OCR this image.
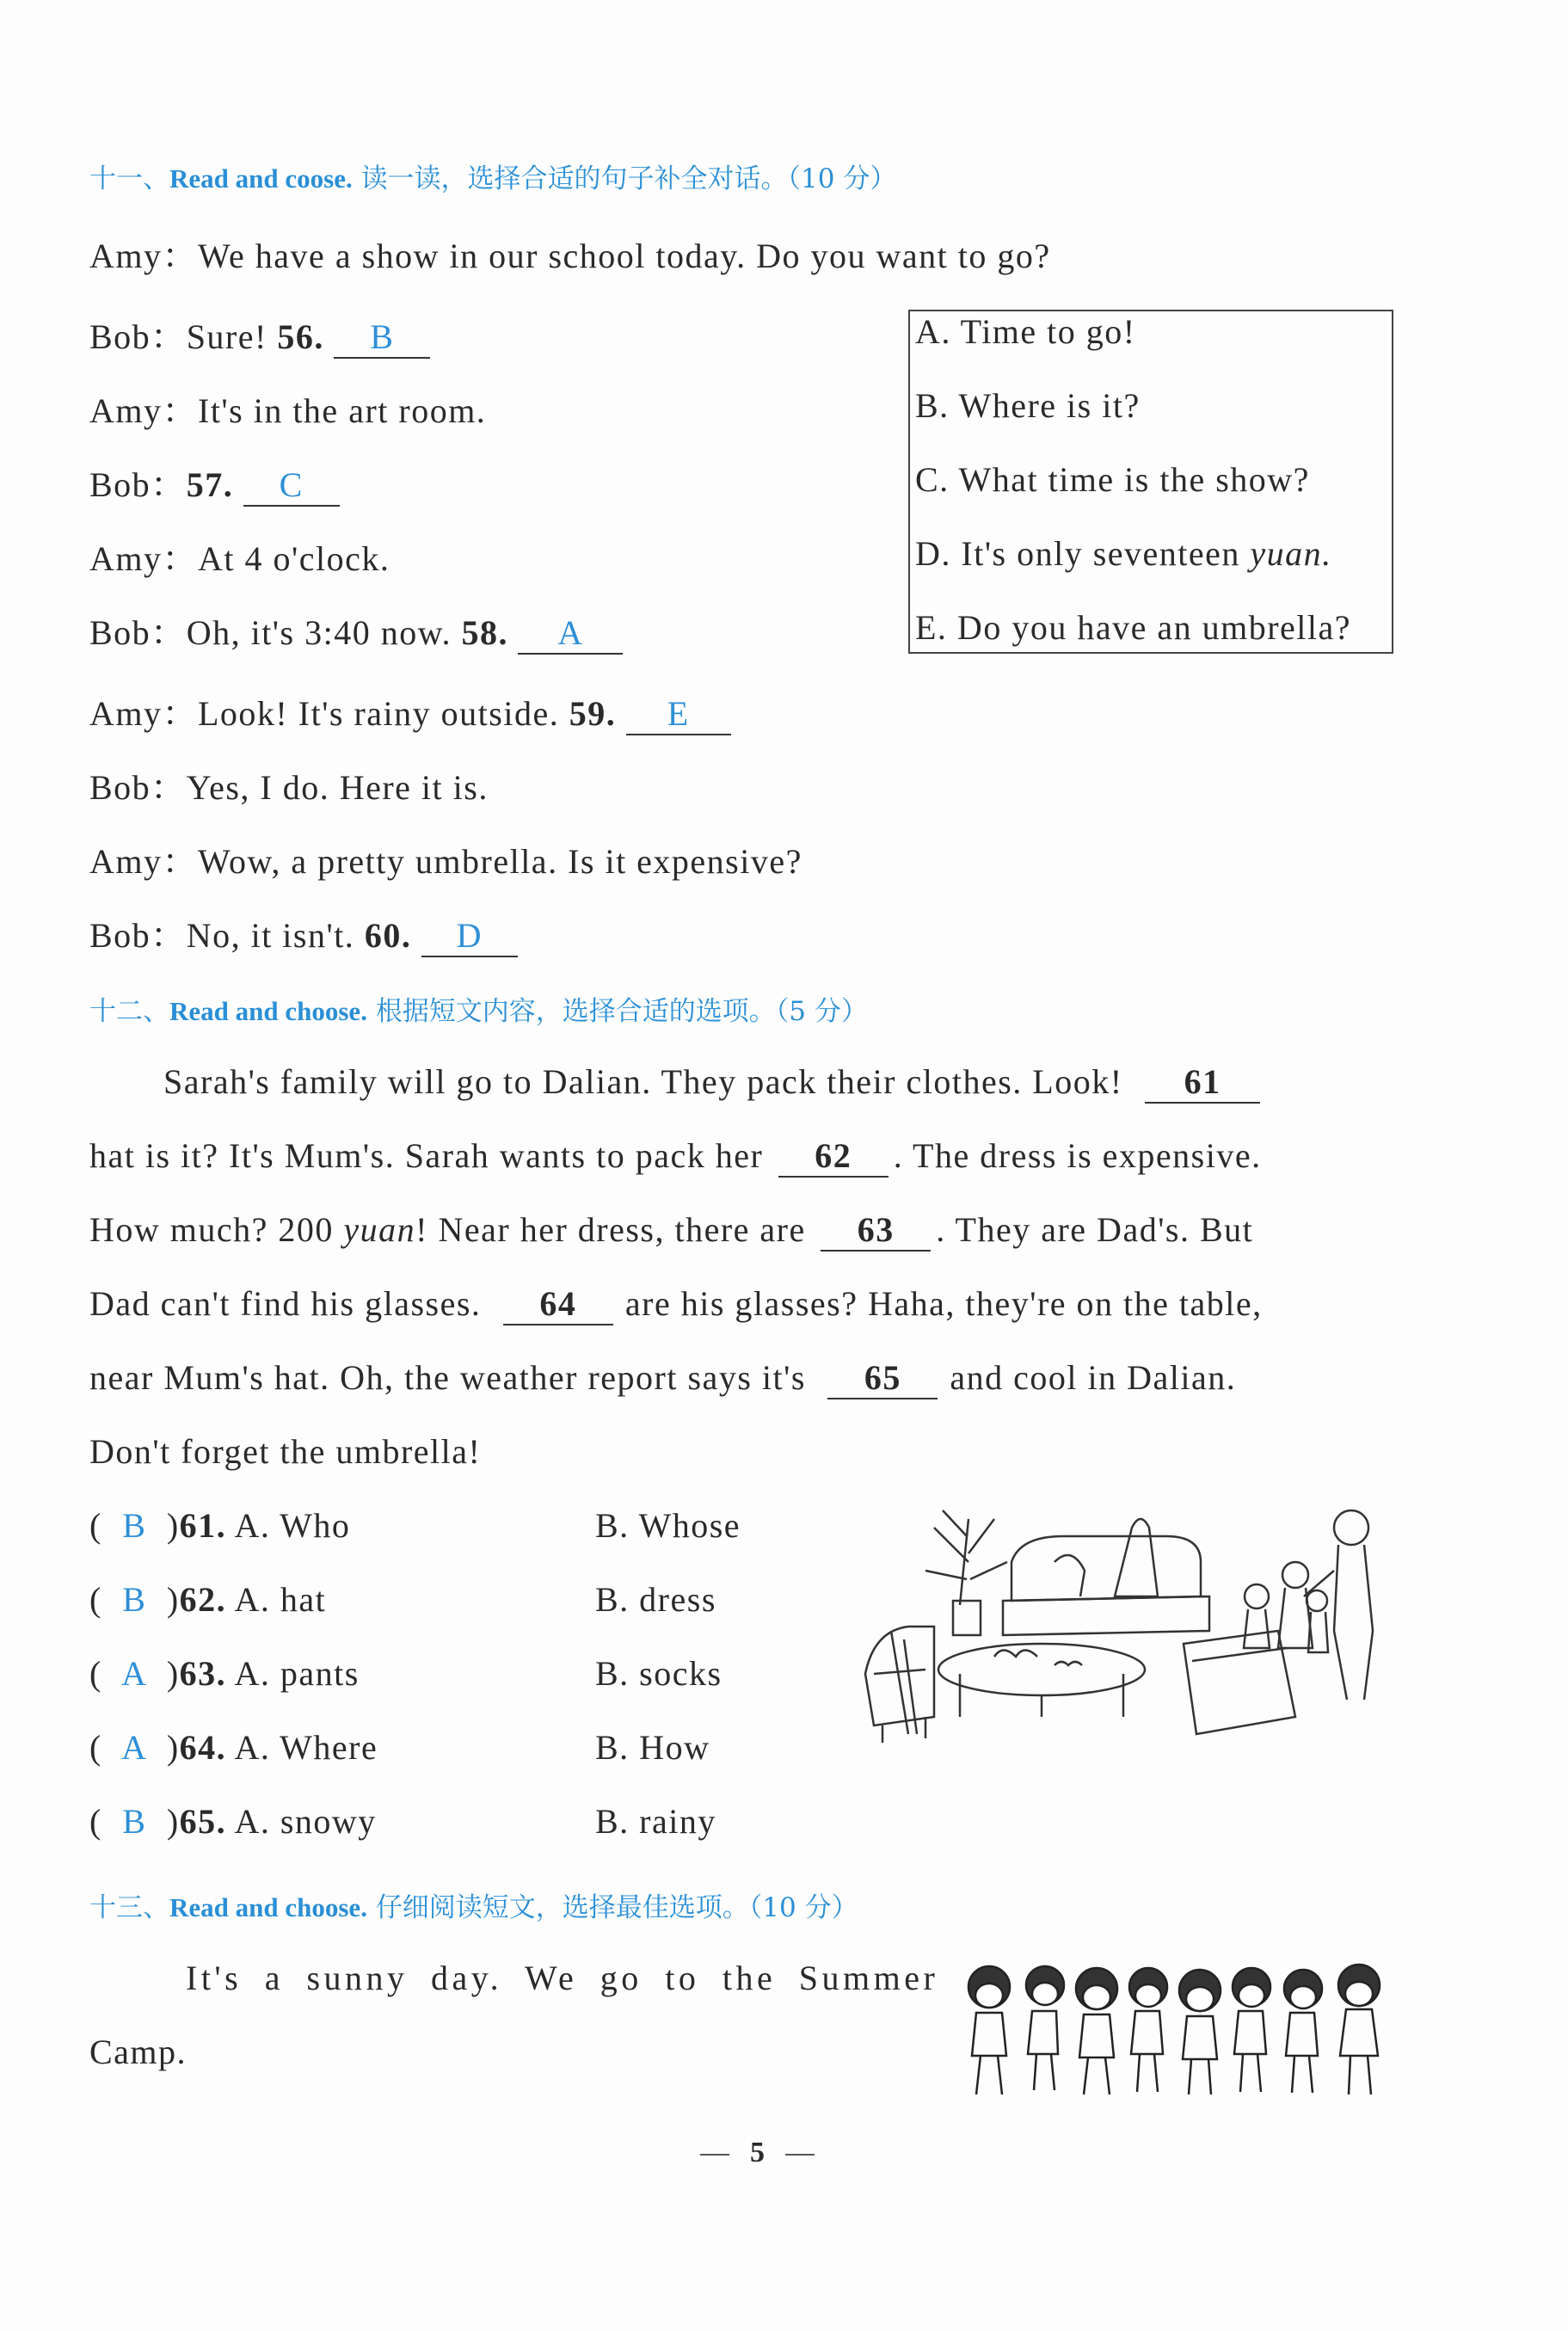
十一、Read and coose. 读一读，选择合适的句子补全对话。（10 分）
Amy：We have a show in our school today. Do you want to go?
Bob：Sure! 56. B
Amy：It's in the art room.
Bob：57. C
Amy：At 4 o'clock.
Bob：Oh, it's 3:40 now. 58. A
Amy：Look! It's rainy outside. 59. E
Bob：Yes, I do. Here it is.
Amy：Wow, a pretty umbrella. Is it expensive?
Bob：No, it isn't. 60. D
A. Time to go!
B. Where is it?
C. What time is the show?
D. It's only seventeen yuan.
E. Do you have an umbrella?
十二、Read and choose. 根据短文内容，选择合适的选项。（5 分）
Sarah's family will go to Dalian. They pack their clothes. Look! 61
hat is it? It's Mum's. Sarah wants to pack her 62 . The dress is expensive.
How much? 200 yuan! Near her dress, there are 63 . They are Dad's. But
Dad can't find his glasses. 64 are his glasses? Haha, they're on the table,
near Mum's hat. Oh, the weather report says it's 65 and cool in Dalian.
Don't forget the umbrella!
( B )61. A. Who	B. Whose
( B )62. A. hat	B. dress
( A )63. A. pants	B. socks
( A )64. A. Where	B. How
( B )65. A. snowy	B. rainy
十三、Read and choose. 仔细阅读短文，选择最佳选项。（10 分）
It's a sunny day. We go to the Summer
Camp.
5
